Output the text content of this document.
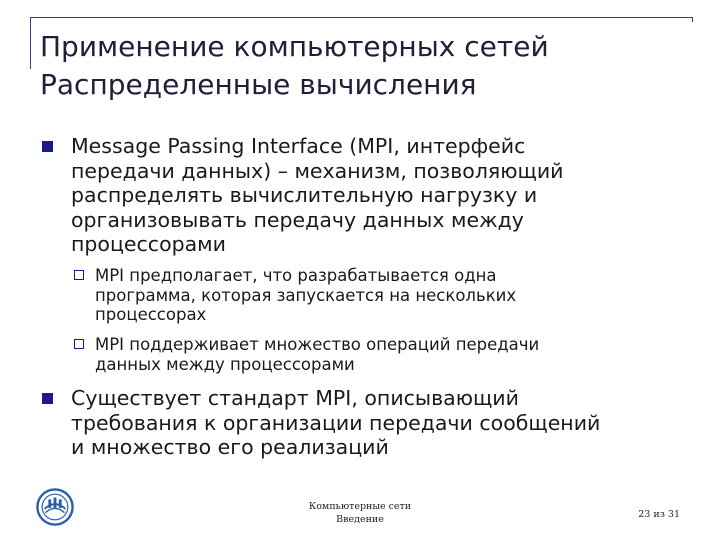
Применение компьютерных сетей
Распределенные вычисления
Message Passing Interface (MPI, интерфейс
передачи данных) – механизм, позволяющий
распределять вычислительную нагрузку и
организовывать передачу данных между
процессорами
MPI предполагает, что разрабатывается одна
программа, которая запускается на нескольких
процессорах
MPI поддерживает множество операций передачи
данных между процессорами
Существует стандарт MPI, описывающий
требования к организации передачи сообщений
и множество его реализаций
Компьютерные сети
Введение	23 из 31
